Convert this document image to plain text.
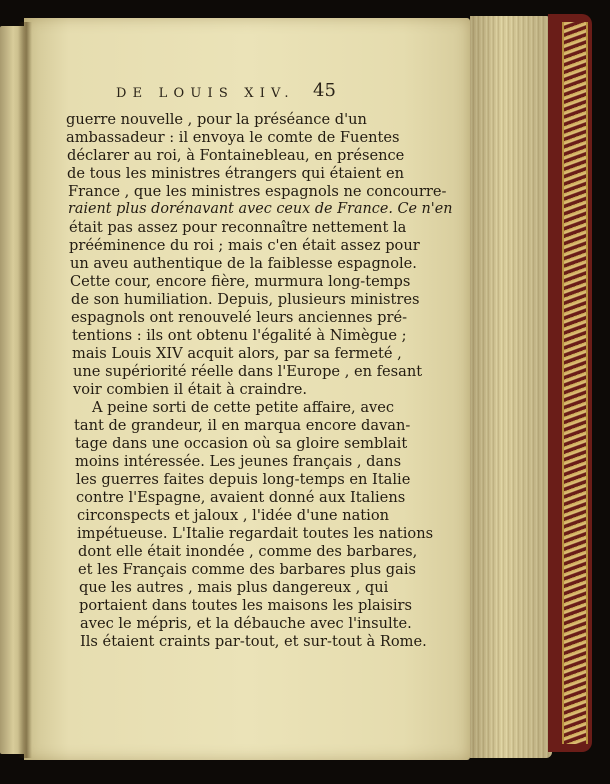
DE LOUIS XIV. 45
guerre nouvelle , pour la préséance d'un
ambassadeur : il envoya le comte de Fuentes
déclarer au roi, à Fontainebleau, en présence
de tous les ministres étrangers qui étaient en
France , que les ministres espagnols ne concourre-
raient plus dorénavant avec ceux de France. Ce n'en
était pas assez pour reconnaître nettement la
prééminence du roi ; mais c'en était assez pour
un aveu authentique de la faiblesse espagnole.
Cette cour, encore fière, murmura long-temps
de son humiliation. Depuis, plusieurs ministres
espagnols ont renouvelé leurs anciennes pré-
tentions : ils ont obtenu l'égalité à Nimègue ;
mais Louis XIV acquit alors, par sa fermeté ,
une supériorité réelle dans l'Europe , en fesant
voir combien il était à craindre.
A peine sorti de cette petite affaire, avec
tant de grandeur, il en marqua encore davan-
tage dans une occasion où sa gloire semblait
moins intéressée. Les jeunes français , dans
les guerres faites depuis long-temps en Italie
contre l'Espagne, avaient donné aux Italiens
circonspects et jaloux , l'idée d'une nation
impétueuse. L'Italie regardait toutes les nations
dont elle était inondée , comme des barbares,
et les Français comme des barbares plus gais
que les autres , mais plus dangereux , qui
portaient dans toutes les maisons les plaisirs
avec le mépris, et la débauche avec l'insulte.
Ils étaient craints par-tout, et sur-tout à Rome.
